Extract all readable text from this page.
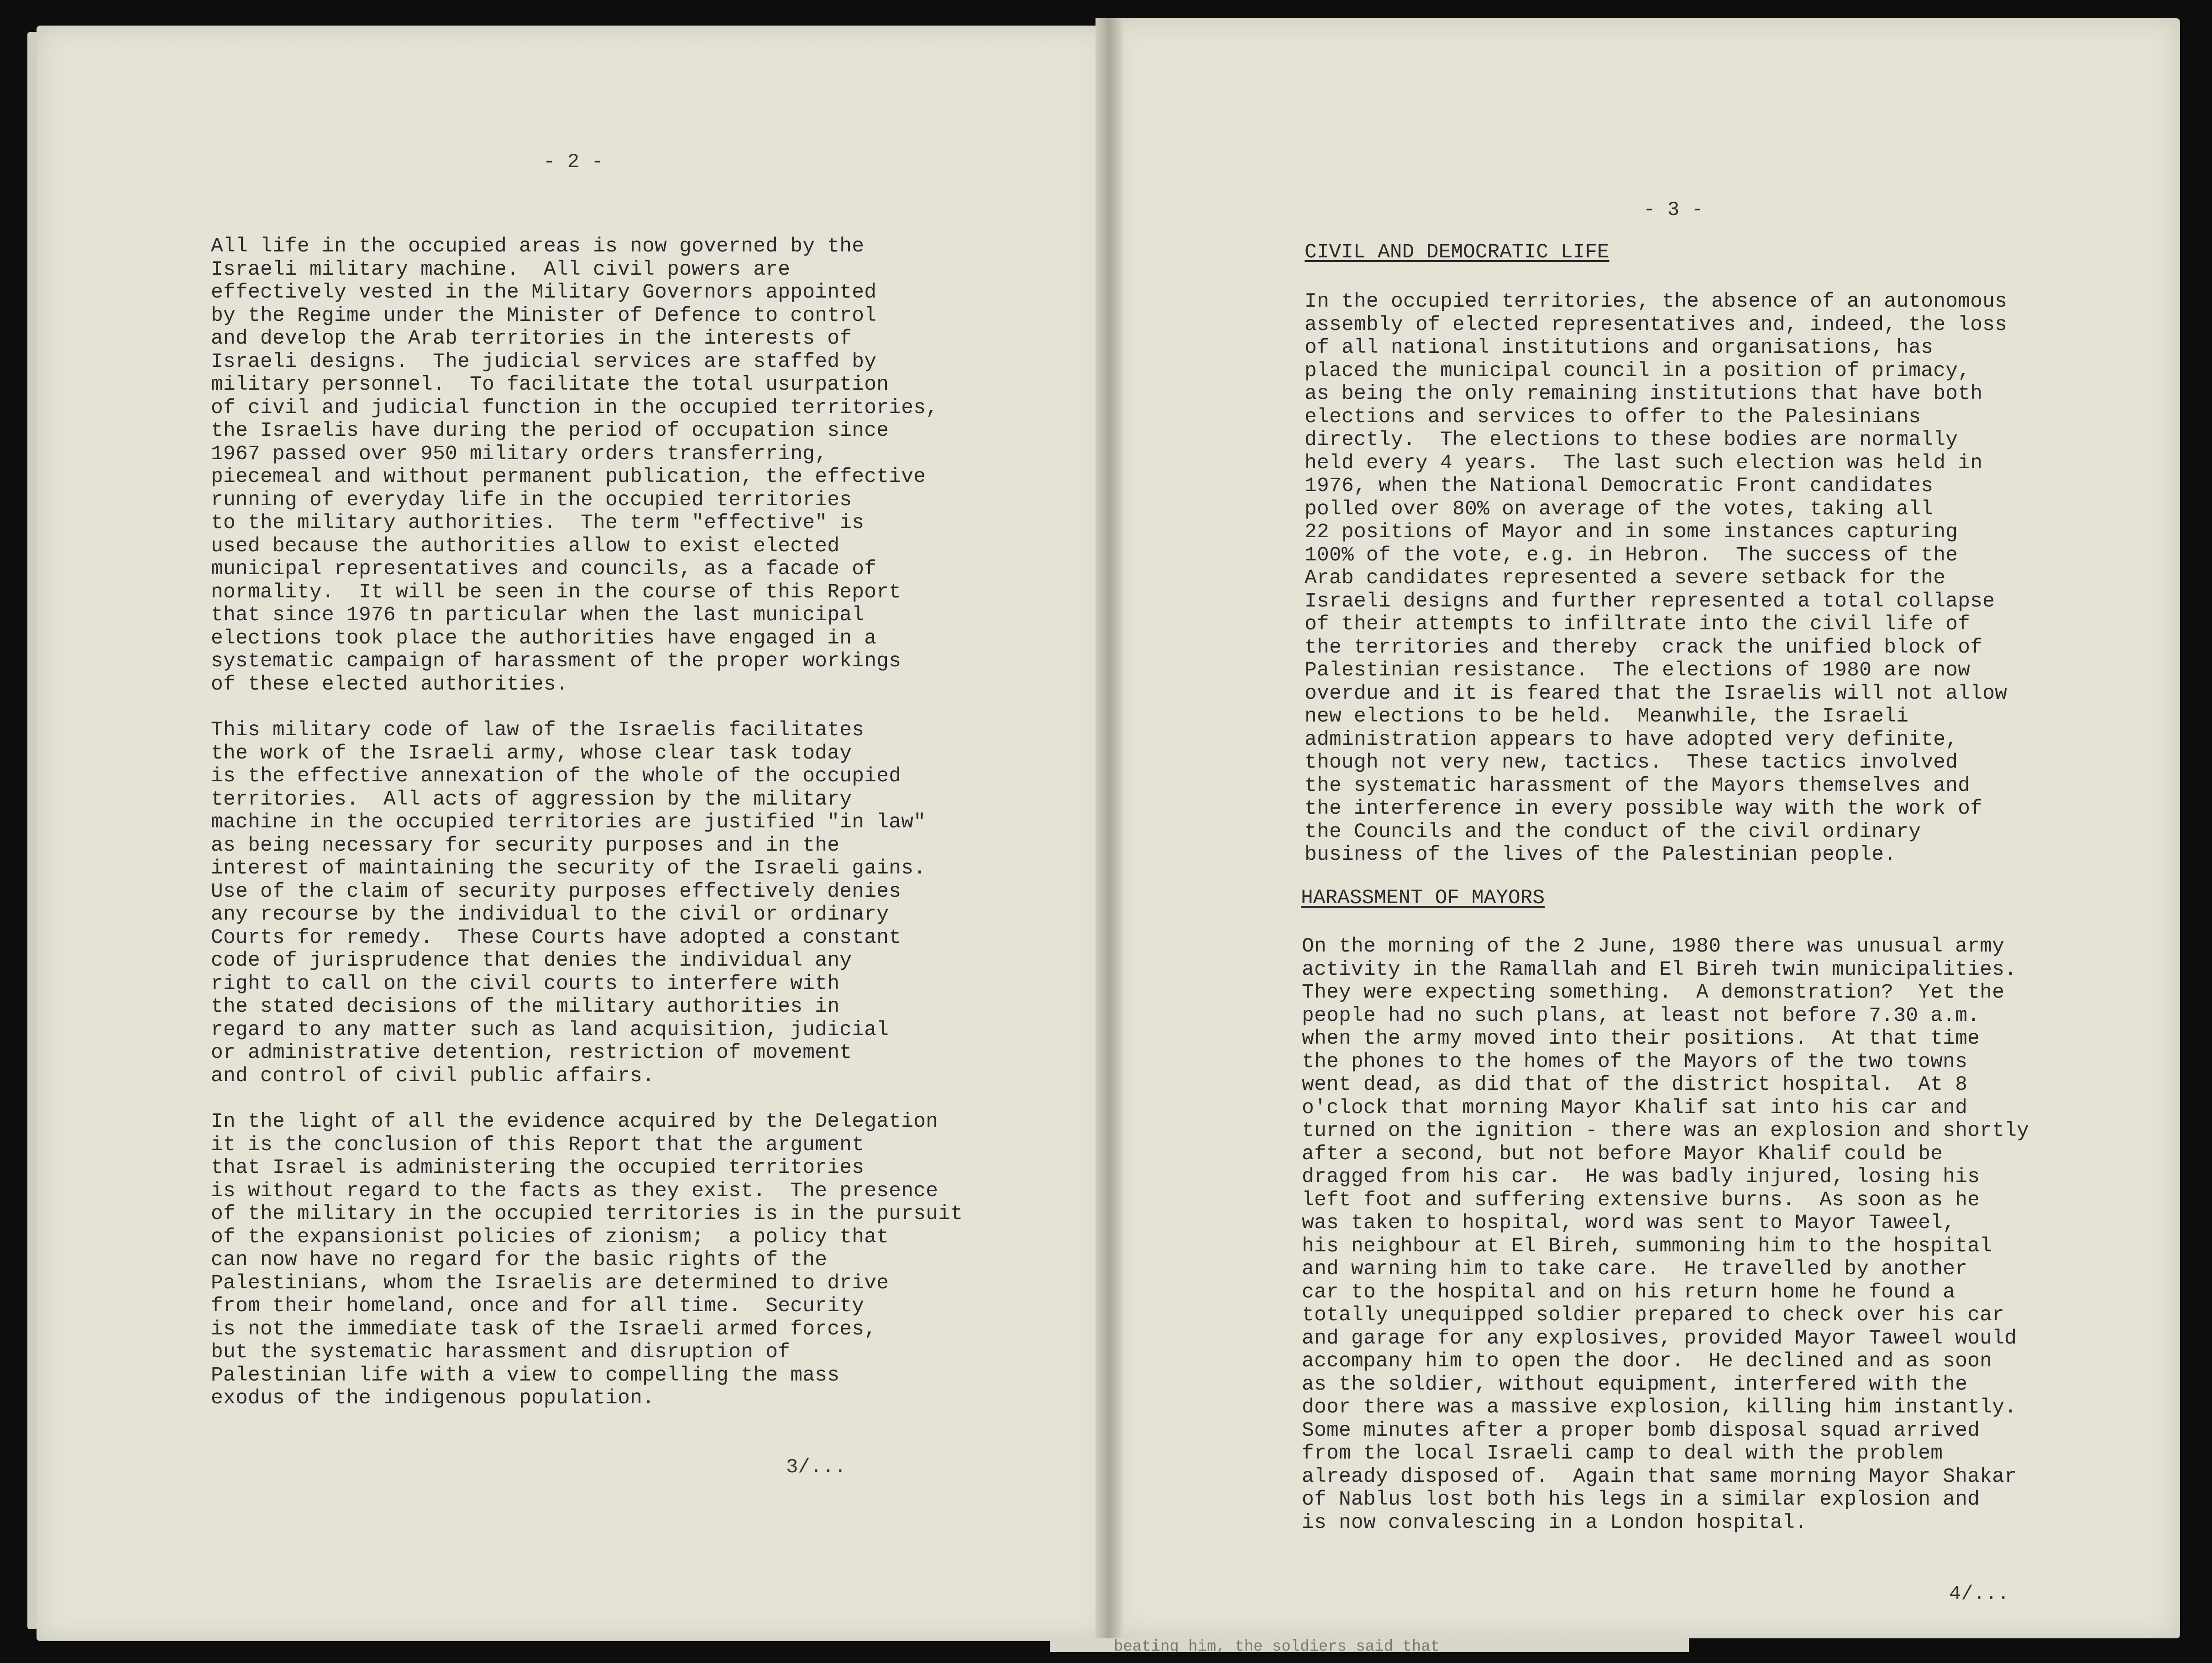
- 2 -
All life in the occupied areas is now governed by the
Israeli military machine.  All civil powers are
effectively vested in the Military Governors appointed
by the Regime under the Minister of Defence to control
and develop the Arab territories in the interests of
Israeli designs.  The judicial services are staffed by
military personnel.  To facilitate the total usurpation
of civil and judicial function in the occupied territories,
the Israelis have during the period of occupation since
1967 passed over 950 military orders transferring,
piecemeal and without permanent publication, the effective
running of everyday life in the occupied territories
to the military authorities.  The term "effective" is
used because the authorities allow to exist elected
municipal representatives and councils, as a facade of
normality.  It will be seen in the course of this Report
that since 1976 tn particular when the last municipal
elections took place the authorities have engaged in a
systematic campaign of harassment of the proper workings
of these elected authorities.
This military code of law of the Israelis facilitates
the work of the Israeli army, whose clear task today
is the effective annexation of the whole of the occupied
territories.  All acts of aggression by the military
machine in the occupied territories are justified "in law"
as being necessary for security purposes and in the
interest of maintaining the security of the Israeli gains.
Use of the claim of security purposes effectively denies
any recourse by the individual to the civil or ordinary
Courts for remedy.  These Courts have adopted a constant
code of jurisprudence that denies the individual any
right to call on the civil courts to interfere with
the stated decisions of the military authorities in
regard to any matter such as land acquisition, judicial
or administrative detention, restriction of movement
and control of civil public affairs.
In the light of all the evidence acquired by the Delegation
it is the conclusion of this Report that the argument
that Israel is administering the occupied territories
is without regard to the facts as they exist.  The presence
of the military in the occupied territories is in the pursuit
of the expansionist policies of zionism;  a policy that
can now have no regard for the basic rights of the
Palestinians, whom the Israelis are determined to drive
from their homeland, once and for all time.  Security
is not the immediate task of the Israeli armed forces,
but the systematic harassment and disruption of
Palestinian life with a view to compelling the mass
exodus of the indigenous population.
3/...
- 3 -
CIVIL AND DEMOCRATIC LIFE
In the occupied territories, the absence of an autonomous
assembly of elected representatives and, indeed, the loss
of all national institutions and organisations, has
placed the municipal council in a position of primacy,
as being the only remaining institutions that have both
elections and services to offer to the Palesinians
directly.  The elections to these bodies are normally
held every 4 years.  The last such election was held in
1976, when the National Democratic Front candidates
polled over 80% on average of the votes, taking all
22 positions of Mayor and in some instances capturing
100% of the vote, e.g. in Hebron.  The success of the
Arab candidates represented a severe setback for the
Israeli designs and further represented a total collapse
of their attempts to infiltrate into the civil life of
the territories and thereby  crack the unified block of
Palestinian resistance.  The elections of 1980 are now
overdue and it is feared that the Israelis will not allow
new elections to be held.  Meanwhile, the Israeli
administration appears to have adopted very definite,
though not very new, tactics.  These tactics involved
the systematic harassment of the Mayors themselves and
the interference in every possible way with the work of
the Councils and the conduct of the civil ordinary
business of the lives of the Palestinian people.
HARASSMENT OF MAYORS
On the morning of the 2 June, 1980 there was unusual army
activity in the Ramallah and El Bireh twin municipalities.
They were expecting something.  A demonstration?  Yet the
people had no such plans, at least not before 7.30 a.m.
when the army moved into their positions.  At that time
the phones to the homes of the Mayors of the two towns
went dead, as did that of the district hospital.  At 8
o'clock that morning Mayor Khalif sat into his car and
turned on the ignition - there was an explosion and shortly
after a second, but not before Mayor Khalif could be
dragged from his car.  He was badly injured, losing his
left foot and suffering extensive burns.  As soon as he
was taken to hospital, word was sent to Mayor Taweel,
his neighbour at El Bireh, summoning him to the hospital
and warning him to take care.  He travelled by another
car to the hospital and on his return home he found a
totally unequipped soldier prepared to check over his car
and garage for any explosives, provided Mayor Taweel would
accompany him to open the door.  He declined and as soon
as the soldier, without equipment, interfered with the
door there was a massive explosion, killing him instantly.
Some minutes after a proper bomb disposal squad arrived
from the local Israeli camp to deal with the problem
already disposed of.  Again that same morning Mayor Shakar
of Nablus lost both his legs in a similar explosion and
is now convalescing in a London hospital.
4/...
beating him, the soldiers said that
